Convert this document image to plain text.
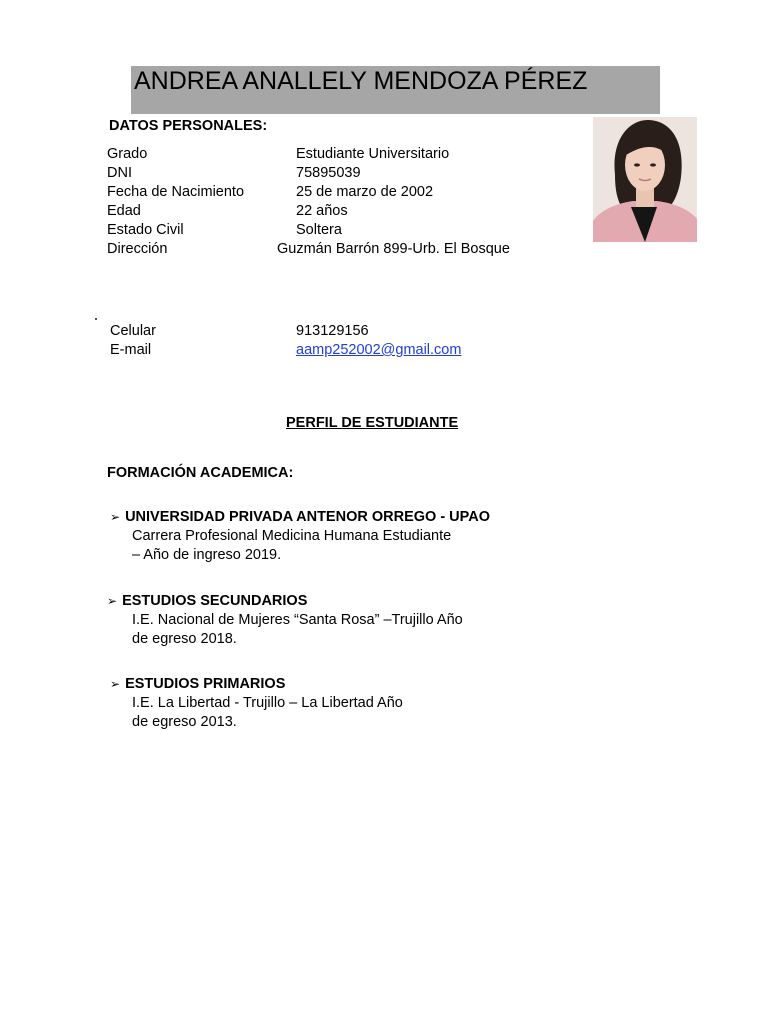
ANDREA ANALLELY MENDOZA PÉREZ
DATOS PERSONALES:
Grado	Estudiante Universitario
DNI	75895039
Fecha de Nacimiento	25 de marzo de 2002
Edad	22 años
Estado Civil	Soltera
Dirección	Guzmán Barrón 899-Urb. El Bosque
Celular	913129156
E-mail	aamp252002@gmail.com
PERFIL DE ESTUDIANTE
FORMACIÓN ACADEMICA:
➢ UNIVERSIDAD PRIVADA ANTENOR ORREGO - UPAO
Carrera Profesional Medicina Humana Estudiante
– Año de ingreso 2019.
➢ ESTUDIOS SECUNDARIOS
I.E. Nacional de Mujeres “Santa Rosa” –Trujillo Año
de egreso 2018.
➢ ESTUDIOS PRIMARIOS
I.E. La Libertad - Trujillo – La Libertad Año
de egreso 2013.
